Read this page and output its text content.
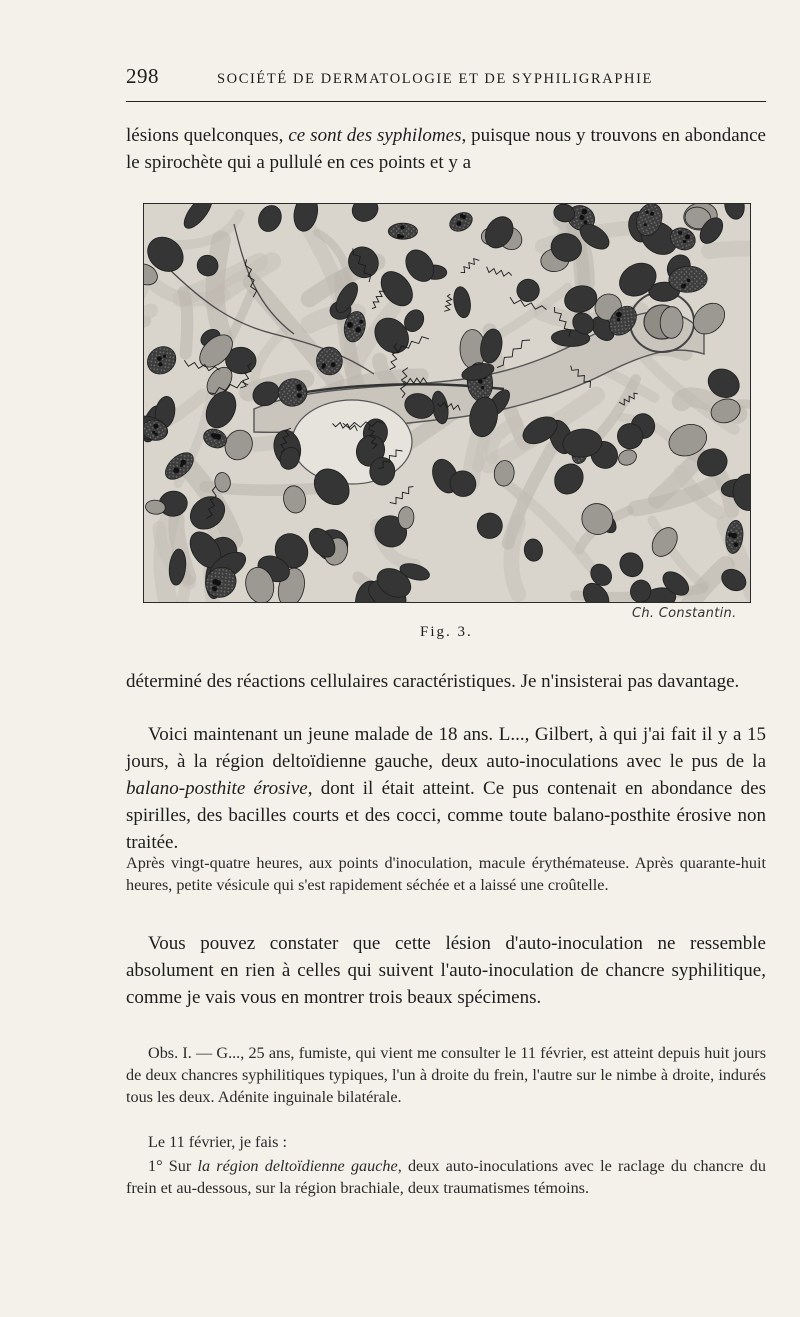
298	SOCIÉTÉ DE DERMATOLOGIE ET DE SYPHILIGRAPHIE

lésions quelconques, ce sont des syphilomes, puisque nous y trouvons en abondance le spirochète qui a pullulé en ces points et y a

Ch. Constantin.
Fig. 3.

déterminé des réactions cellulaires caractéristiques. Je n'insisterai pas davantage.

Voici maintenant un jeune malade de 18 ans. L..., Gilbert, à qui j'ai fait il y a 15 jours, à la région deltoïdienne gauche, deux auto-inoculations avec le pus de la balano-posthite érosive, dont il était atteint. Ce pus contenait en abondance des spirilles, des bacilles courts et des cocci, comme toute balano-posthite érosive non traitée.

Après vingt-quatre heures, aux points d'inoculation, macule érythémateuse. Après quarante-huit heures, petite vésicule qui s'est rapidement séchée et a laissé une croûtelle.

Vous pouvez constater que cette lésion d'auto-inoculation ne ressemble absolument en rien à celles qui suivent l'auto-inoculation de chancre syphilitique, comme je vais vous en montrer trois beaux spécimens.

Obs. I. — G..., 25 ans, fumiste, qui vient me consulter le 11 février, est atteint depuis huit jours de deux chancres syphilitiques typiques, l'un à droite du frein, l'autre sur le nimbe à droite, indurés tous les deux. Adénite inguinale bilatérale.

Le 11 février, je fais :

1° Sur la région deltoïdienne gauche, deux auto-inoculations avec le raclage du chancre du frein et au-dessous, sur la région brachiale, deux traumatismes témoins.
